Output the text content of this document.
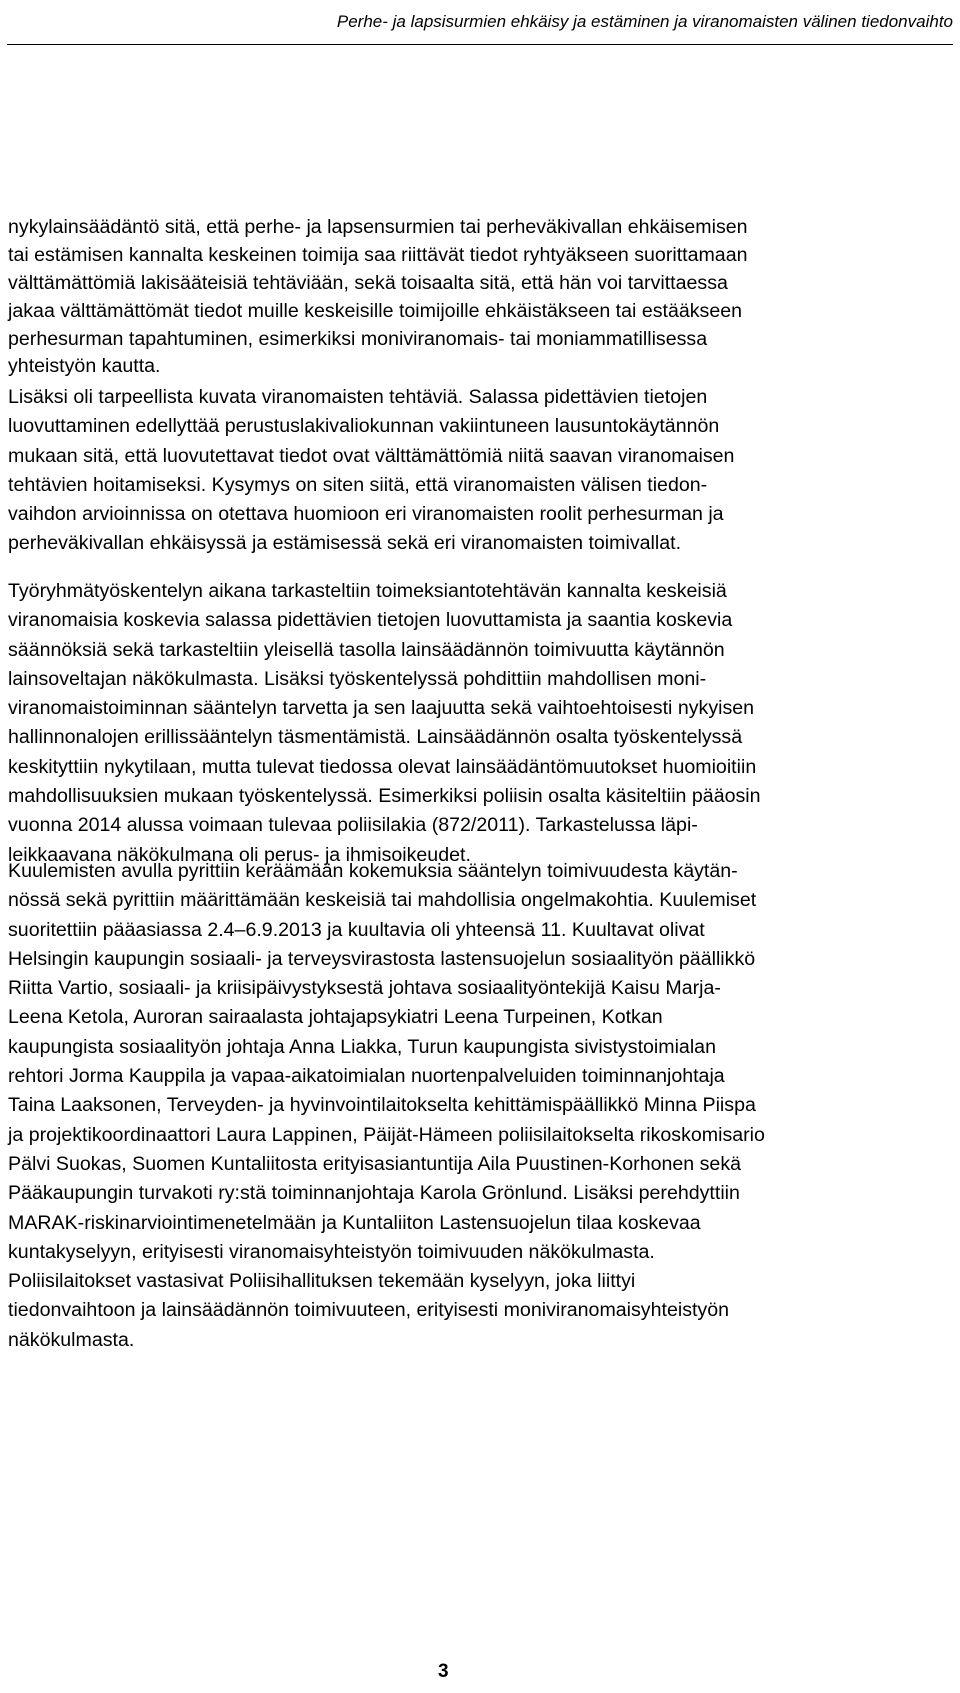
Perhe- ja lapsisurmien ehkäisy ja estäminen ja viranomaisten välinen tiedonvaihto

nykylainsäädäntö sitä, että perhe- ja lapsensurmien tai perheväkivallan ehkäisemisen
tai estämisen kannalta keskeinen toimija saa riittävät tiedot ryhtyäkseen suorittamaan
välttämättömiä lakisääteisiä tehtäviään, sekä toisaalta sitä, että hän voi tarvittaessa
jakaa välttämättömät tiedot muille keskeisille toimijoille ehkäistäkseen tai estääkseen
perhesurman tapahtuminen, esimerkiksi moniviranomais- tai moniammatillisessa
yhteistyön kautta.

Lisäksi oli tarpeellista kuvata viranomaisten tehtäviä. Salassa pidettävien tietojen
luovuttaminen edellyttää perustuslakivaliokunnan vakiintuneen lausuntokäytännön
mukaan sitä, että luovutettavat tiedot ovat välttämättömiä niitä saavan viranomaisen
tehtävien hoitamiseksi. Kysymys on siten siitä, että viranomaisten välisen tiedon-
vaihdon arvioinnissa on otettava huomioon eri viranomaisten roolit perhesurman ja
perheväkivallan ehkäisyssä ja estämisessä sekä eri viranomaisten toimivallat.

Työryhmätyöskentelyn aikana tarkasteltiin toimeksiantotehtävän kannalta keskeisiä
viranomaisia koskevia salassa pidettävien tietojen luovuttamista ja saantia koskevia
säännöksiä sekä tarkasteltiin yleisellä tasolla lainsäädännön toimivuutta käytännön
lainsoveltajan näkökulmasta. Lisäksi työskentelyssä pohdittiin mahdollisen moni-
viranomaistoiminnan sääntelyn tarvetta ja sen laajuutta sekä vaihtoehtoisesti nykyisen
hallinnonalojen erillissääntelyn täsmentämistä. Lainsäädännön osalta työskentelyssä
keskityttiin nykytilaan, mutta tulevat tiedossa olevat lainsäädäntömuutokset huomioitiin
mahdollisuuksien mukaan työskentelyssä. Esimerkiksi poliisin osalta käsiteltiin pääosin
vuonna 2014 alussa voimaan tulevaa poliisilakia (872/2011). Tarkastelussa läpi-
leikkaavana näkökulmana oli perus- ja ihmisoikeudet.

Kuulemisten avulla pyrittiin keräämään kokemuksia sääntelyn toimivuudesta käytän-
nössä sekä pyrittiin määrittämään keskeisiä tai mahdollisia ongelmakohtia. Kuulemiset
suoritettiin pääasiassa 2.4–6.9.2013 ja kuultavia oli yhteensä 11. Kuultavat olivat
Helsingin kaupungin sosiaali- ja terveysvirastosta lastensuojelun sosiaalityön päällikkö
Riitta Vartio, sosiaali- ja kriisipäivystyksestä johtava sosiaalityöntekijä Kaisu Marja-
Leena Ketola, Auroran sairaalasta johtajapsykiatri Leena Turpeinen, Kotkan
kaupungista sosiaalityön johtaja Anna Liakka, Turun kaupungista sivistystoimialan
rehtori Jorma Kauppila ja vapaa-aikatoimialan nuortenpalveluiden toiminnanjohtaja
Taina Laaksonen, Terveyden- ja hyvinvointilaitokselta kehittämispäällikkö Minna Piispa
ja projektikoordinaattori Laura Lappinen, Päijät-Hämeen poliisilaitokselta rikoskomisario
Pälvi Suokas, Suomen Kuntaliitosta erityisasiantuntija Aila Puustinen-Korhonen sekä
Pääkaupungin turvakoti ry:stä toiminnanjohtaja Karola Grönlund. Lisäksi perehdyttiin
MARAK-riskinarviointimenetelmään ja Kuntaliiton Lastensuojelun tilaa koskevaa
kuntakyselyyn, erityisesti viranomaisyhteistyön toimivuuden näkökulmasta.
Poliisilaitokset vastasivat Poliisihallituksen tekemään kyselyyn, joka liittyi
tiedonvaihtoon ja lainsäädännön toimivuuteen, erityisesti moniviranomaisyhteistyön
näkökulmasta.

3
